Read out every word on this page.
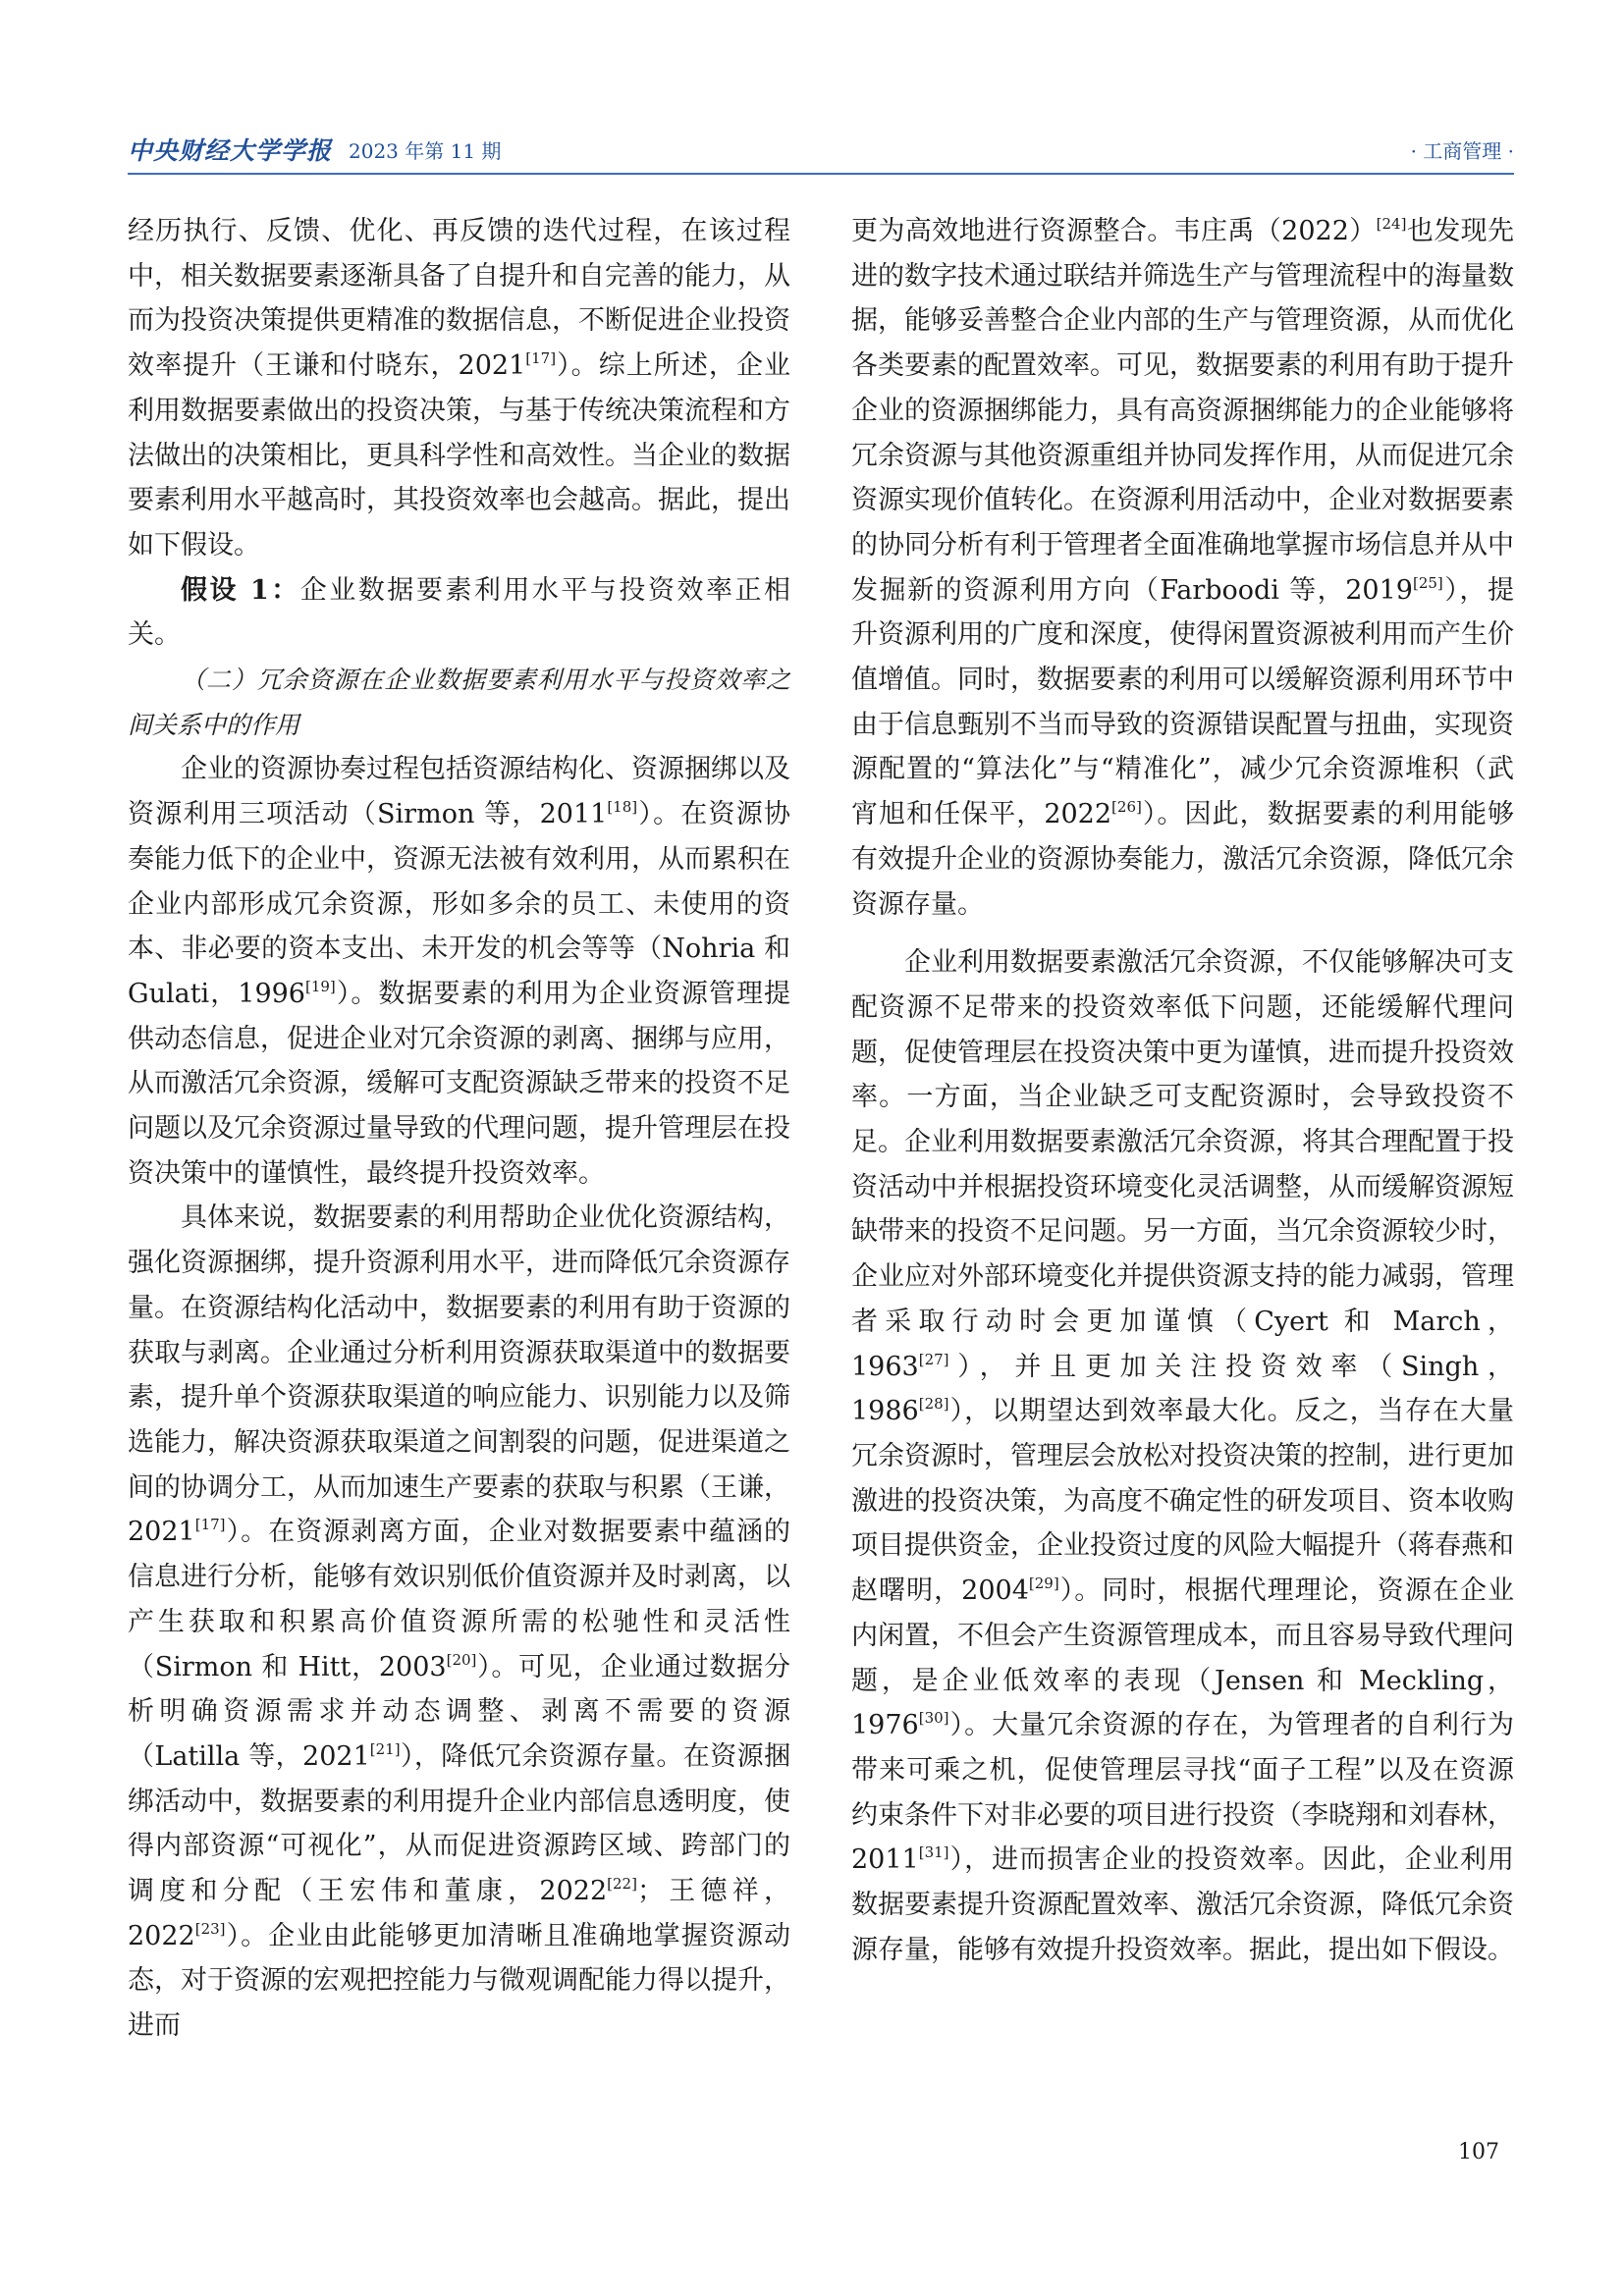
中央财经大学学报 2023 年第 11 期	· 工商管理 ·

经历执行、反馈、优化、再反馈的迭代过程，在该过程中，相关数据要素逐渐具备了自提升和自完善的能力，从而为投资决策提供更精准的数据信息，不断促进企业投资效率提升（王谦和付晓东，2021[17]）。综上所述，企业利用数据要素做出的投资决策，与基于传统决策流程和方法做出的决策相比，更具科学性和高效性。当企业的数据要素利用水平越高时，其投资效率也会越高。据此，提出如下假设。

假设 1：企业数据要素利用水平与投资效率正相关。

（二）冗余资源在企业数据要素利用水平与投资效率之间关系中的作用

企业的资源协奏过程包括资源结构化、资源捆绑以及资源利用三项活动（Sirmon 等，2011[18]）。在资源协奏能力低下的企业中，资源无法被有效利用，从而累积在企业内部形成冗余资源，形如多余的员工、未使用的资本、非必要的资本支出、未开发的机会等等（Nohria 和 Gulati，1996[19]）。数据要素的利用为企业资源管理提供动态信息，促进企业对冗余资源的剥离、捆绑与应用，从而激活冗余资源，缓解可支配资源缺乏带来的投资不足问题以及冗余资源过量导致的代理问题，提升管理层在投资决策中的谨慎性，最终提升投资效率。

具体来说，数据要素的利用帮助企业优化资源结构，强化资源捆绑，提升资源利用水平，进而降低冗余资源存量。在资源结构化活动中，数据要素的利用有助于资源的获取与剥离。企业通过分析利用资源获取渠道中的数据要素，提升单个资源获取渠道的响应能力、识别能力以及筛选能力，解决资源获取渠道之间割裂的问题，促进渠道之间的协调分工，从而加速生产要素的获取与积累（王谦，2021[17]）。在资源剥离方面，企业对数据要素中蕴涵的信息进行分析，能够有效识别低价值资源并及时剥离，以产生获取和积累高价值资源所需的松驰性和灵活性（Sirmon 和 Hitt，2003[20]）。可见，企业通过数据分析明确资源需求并动态调整、剥离不需要的资源（Latilla 等，2021[21]），降低冗余资源存量。在资源捆绑活动中，数据要素的利用提升企业内部信息透明度，使得内部资源“可视化”，从而促进资源跨区域、跨部门的调度和分配（王宏伟和董康，2022[22]；王德祥，2022[23]）。企业由此能够更加清晰且准确地掌握资源动态，对于资源的宏观把控能力与微观调配能力得以提升，进而

更为高效地进行资源整合。韦庄禹（2022）[24]也发现先进的数字技术通过联结并筛选生产与管理流程中的海量数据，能够妥善整合企业内部的生产与管理资源，从而优化各类要素的配置效率。可见，数据要素的利用有助于提升企业的资源捆绑能力，具有高资源捆绑能力的企业能够将冗余资源与其他资源重组并协同发挥作用，从而促进冗余资源实现价值转化。在资源利用活动中，企业对数据要素的协同分析有利于管理者全面准确地掌握市场信息并从中发掘新的资源利用方向（Farboodi 等，2019[25]），提升资源利用的广度和深度，使得闲置资源被利用而产生价值增值。同时，数据要素的利用可以缓解资源利用环节中由于信息甄别不当而导致的资源错误配置与扭曲，实现资源配置的“算法化”与“精准化”，减少冗余资源堆积（武宵旭和任保平，2022[26]）。因此，数据要素的利用能够有效提升企业的资源协奏能力，激活冗余资源，降低冗余资源存量。

企业利用数据要素激活冗余资源，不仅能够解决可支配资源不足带来的投资效率低下问题，还能缓解代理问题，促使管理层在投资决策中更为谨慎，进而提升投资效率。一方面，当企业缺乏可支配资源时，会导致投资不足。企业利用数据要素激活冗余资源，将其合理配置于投资活动中并根据投资环境变化灵活调整，从而缓解资源短缺带来的投资不足问题。另一方面，当冗余资源较少时，企业应对外部环境变化并提供资源支持的能力减弱，管理者采取行动时会更加谨慎（Cyert 和 March，1963[27]），并且更加关注投资效率（Singh，1986[28]），以期望达到效率最大化。反之，当存在大量冗余资源时，管理层会放松对投资决策的控制，进行更加激进的投资决策，为高度不确定性的研发项目、资本收购项目提供资金，企业投资过度的风险大幅提升（蒋春燕和赵曙明，2004[29]）。同时，根据代理理论，资源在企业内闲置，不但会产生资源管理成本，而且容易导致代理问题，是企业低效率的表现（Jensen 和 Meckling，1976[30]）。大量冗余资源的存在，为管理者的自利行为带来可乘之机，促使管理层寻找“面子工程”以及在资源约束条件下对非必要的项目进行投资（李晓翔和刘春林，2011[31]），进而损害企业的投资效率。因此，企业利用数据要素提升资源配置效率、激活冗余资源，降低冗余资源存量，能够有效提升投资效率。据此，提出如下假设。

107
